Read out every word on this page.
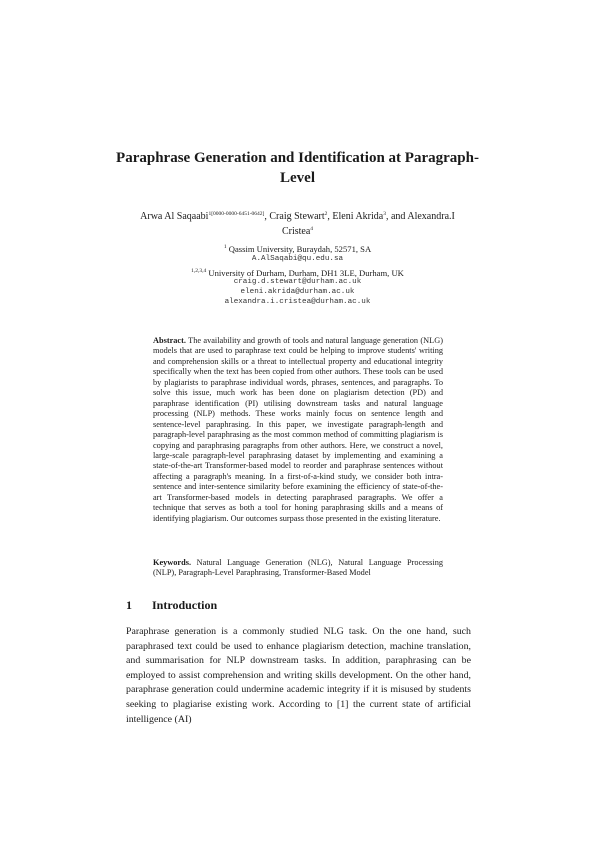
Paraphrase Generation and Identification at Paragraph-
Level
Arwa Al Saqaabi$^{1[0000-0000-6451-0642]}$, Craig Stewart$^2$, Eleni Akrida$^3$, and Alexandra.I
Cristea$^4$
$^1$ Qassim University, Buraydah, 52571, SA
A.AlSaqabi@qu.edu.sa
$^{1,2,3,4}$ University of Durham, Durham, DH1 3LE, Durham, UK
craig.d.stewart@durham.ac.uk
eleni.akrida@durham.ac.uk
alexandra.i.cristea@durham.ac.uk
Abstract. The availability and growth of tools and natural language generation (NLG) models that are used to paraphrase text could be helping to improve students' writing and comprehension skills or a threat to intellectual property and educational integrity specifically when the text has been copied from other authors. These tools can be used by plagiarists to paraphrase individual words, phrases, sentences, and paragraphs. To solve this issue, much work has been done on plagiarism detection (PD) and paraphrase identification (PI) utilising downstream tasks and natural language processing (NLP) methods. These works mainly focus on sentence length and sentence-level paraphrasing. In this paper, we investigate paragraph-length and paragraph-level paraphrasing as the most common method of committing plagiarism is copying and paraphrasing paragraphs from other authors. Here, we construct a novel, large-scale paragraph-level paraphrasing dataset by implementing and examining a state-of-the-art Transformer-based model to reorder and paraphrase sentences without affecting a paragraph's meaning. In a first-of-a-kind study, we consider both intra-sentence and inter-sentence similarity before examining the efficiency of state-of-the-art Transformer-based models in detecting paraphrased paragraphs. We offer a technique that serves as both a tool for honing paraphrasing skills and a means of identifying plagiarism. Our outcomes surpass those presented in the existing literature.
Keywords. Natural Language Generation (NLG), Natural Language Processing (NLP), Paragraph-Level Paraphrasing, Transformer-Based Model
1 Introduction
Paraphrase generation is a commonly studied NLG task. On the one hand, such paraphrased text could be used to enhance plagiarism detection, machine translation, and summarisation for NLP downstream tasks. In addition, paraphrasing can be employed to assist comprehension and writing skills development. On the other hand, paraphrase generation could undermine academic integrity if it is misused by students seeking to plagiarise existing work. According to [1] the current state of artificial intelligence (AI)
